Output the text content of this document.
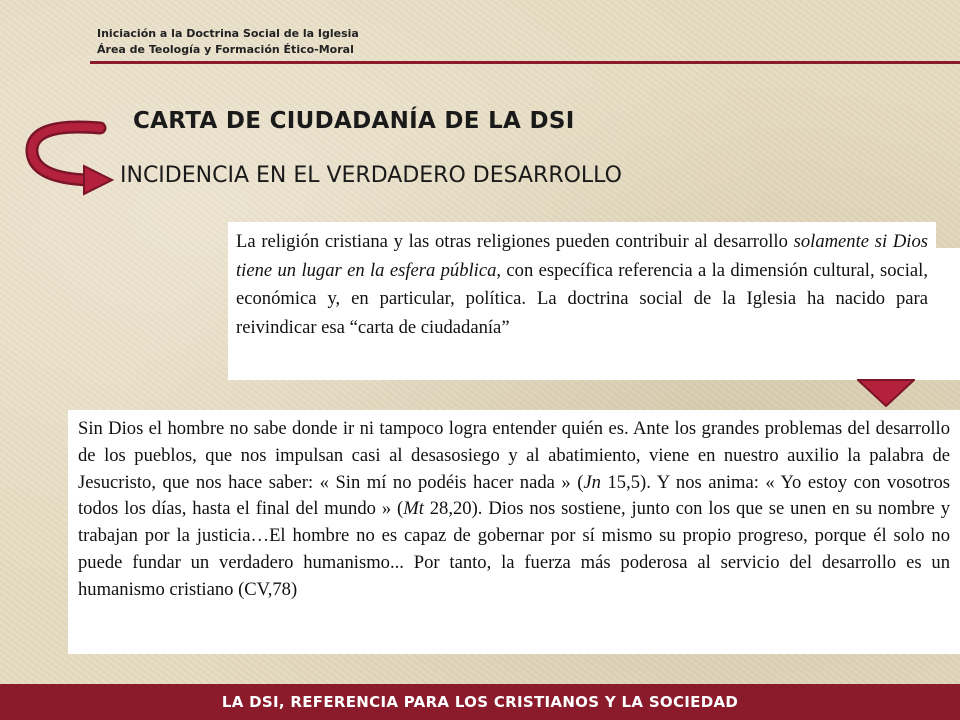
Iniciación a la Doctrina Social de la Iglesia
Área de Teología y Formación Ético-Moral
CARTA DE CIUDADANÍA DE LA DSI
INCIDENCIA EN EL VERDADERO DESARROLLO
La religión cristiana y las otras religiones pueden contribuir al desarrollo solamente si Dios tiene un lugar en la esfera pública, con específica referencia a la dimensión cultural, social, económica y, en particular, política. La doctrina social de la Iglesia ha nacido para reivindicar esa “carta de ciudadanía”
Sin Dios el hombre no sabe donde ir ni tampoco logra entender quién es. Ante los grandes problemas del desarrollo de los pueblos, que nos impulsan casi al desasosiego y al abatimiento, viene en nuestro auxilio la palabra de Jesucristo, que nos hace saber: « Sin mí no podéis hacer nada » (Jn 15,5). Y nos anima: « Yo estoy con vosotros todos los días, hasta el final del mundo » (Mt 28,20). Dios nos sostiene, junto con los que se unen en su nombre y trabajan por la justicia…El hombre no es capaz de gobernar por sí mismo su propio progreso, porque él solo no puede fundar un verdadero humanismo... Por tanto, la fuerza más poderosa al servicio del desarrollo es un humanismo cristiano (CV,78)
LA DSI, REFERENCIA PARA LOS CRISTIANOS Y LA SOCIEDAD
